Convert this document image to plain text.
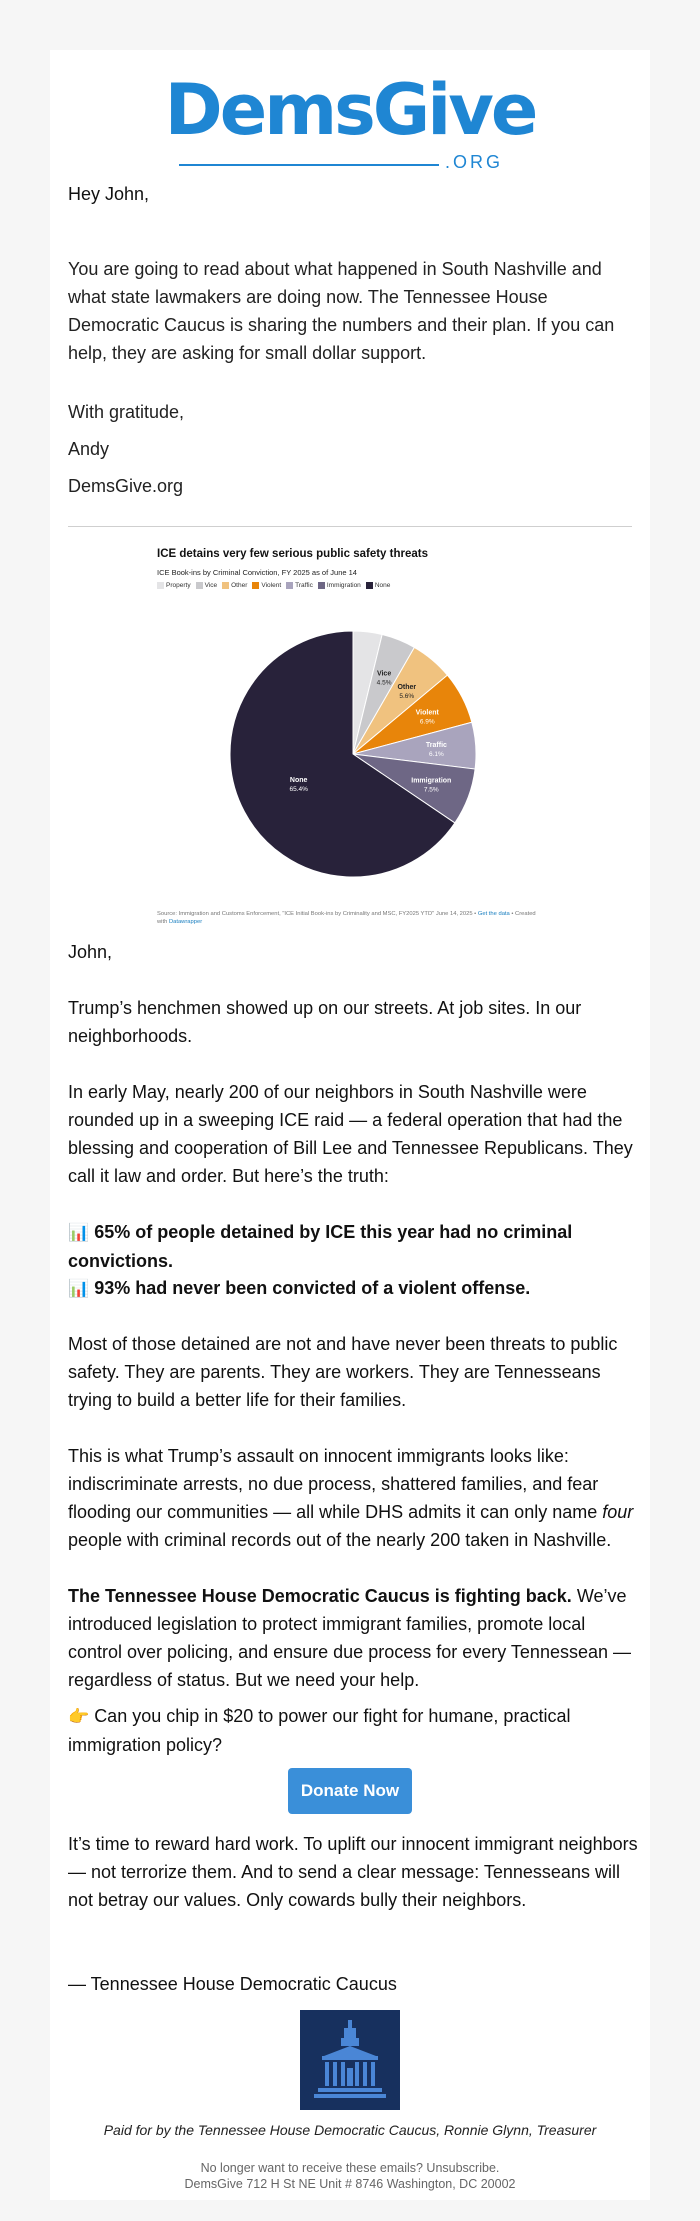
DemsGive
.ORG

Hey John,

You are going to read about what happened in South Nashville and what state lawmakers are doing now. The Tennessee House Democratic Caucus is sharing the numbers and their plan. If you can help, they are asking for small dollar support.

With gratitude,

Andy

DemsGive.org

ICE detains very few serious public safety threats
ICE Book-ins by Criminal Conviction, FY 2025 as of June 14
Property Vice Other Violent Traffic Immigration None
Vice
4.5%
Other
5.6%
Violent
6.9%
Traffic
6.1%
Immigration
7.5%
None
65.4%
Source: Immigration and Customs Enforcement, "ICE Initial Book-ins by Criminality and MSC, FY2025 YTD" June 14, 2025 • Get the data • Created with Datawrapper

John,

Trump’s henchmen showed up on our streets. At job sites. In our neighborhoods.

In early May, nearly 200 of our neighbors in South Nashville were rounded up in a sweeping ICE raid — a federal operation that had the blessing and cooperation of Bill Lee and Tennessee Republicans. They call it law and order. But here’s the truth:

📊 65% of people detained by ICE this year had no criminal convictions.

📊 93% had never been convicted of a violent offense.

Most of those detained are not and have never been threats to public safety. They are parents. They are workers. They are Tennesseans trying to build a better life for their families.

This is what Trump’s assault on innocent immigrants looks like: indiscriminate arrests, no due process, shattered families, and fear flooding our communities — all while DHS admits it can only name four people with criminal records out of the nearly 200 taken in Nashville.

The Tennessee House Democratic Caucus is fighting back. We’ve introduced legislation to protect immigrant families, promote local control over policing, and ensure due process for every Tennessean — regardless of status. But we need your help.

👉 Can you chip in $20 to power our fight for humane, practical immigration policy?

Donate Now

It’s time to reward hard work. To uplift our innocent immigrant neighbors — not terrorize them. And to send a clear message: Tennesseans will not betray our values. Only cowards bully their neighbors.

— Tennessee House Democratic Caucus

Paid for by the Tennessee House Democratic Caucus, Ronnie Glynn, Treasurer
No longer want to receive these emails? Unsubscribe.
DemsGive 712 H St NE Unit # 8746 Washington, DC 20002
